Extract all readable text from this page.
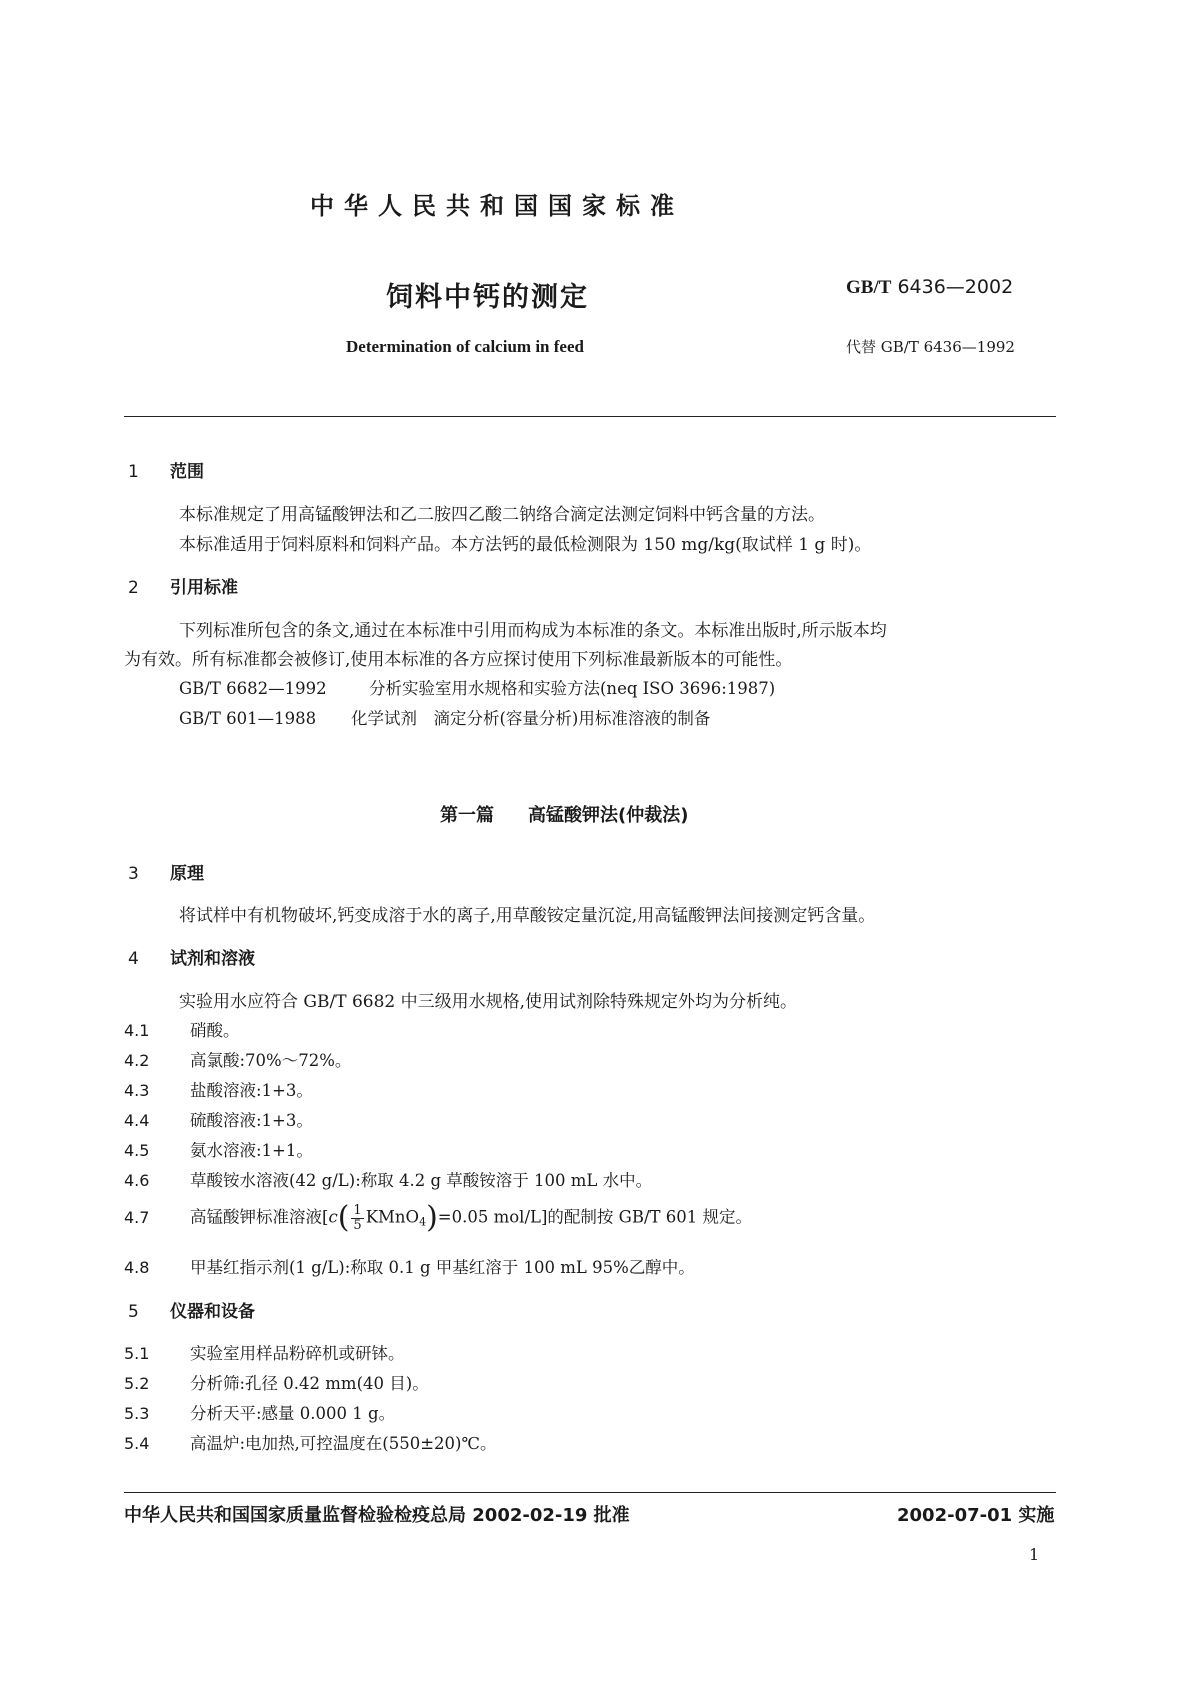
中华人民共和国国家标准
饲料中钙的测定	GB/T 6436—2002
Determination of calcium in feed	代替 GB/T 6436—1992
1 范围
本标准规定了用高锰酸钾法和乙二胺四乙酸二钠络合滴定法测定饲料中钙含量的方法。
本标准适用于饲料原料和饲料产品。本方法钙的最低检测限为 150 mg/kg(取试样 1 g 时)。
2 引用标准
下列标准所包含的条文,通过在本标准中引用而构成为本标准的条文。本标准出版时,所示版本均
为有效。所有标准都会被修订,使用本标准的各方应探讨使用下列标准最新版本的可能性。
GB/T 6682—1992	分析实验室用水规格和实验方法(neq ISO 3696:1987)
GB/T 601—1988 化学试剂　滴定分析(容量分析)用标准溶液的制备
第一篇 高锰酸钾法(仲裁法)
3 原理
将试样中有机物破坏,钙变成溶于水的离子,用草酸铵定量沉淀,用高锰酸钾法间接测定钙含量。
4 试剂和溶液
实验用水应符合 GB/T 6682 中三级用水规格,使用试剂除特殊规定外均为分析纯。
4.1 硝酸。
4.2 高氯酸:70%～72%。
4.3 盐酸溶液:1+3。
4.4 硫酸溶液:1+3。
4.5 氨水溶液:1+1。
4.6 草酸铵水溶液(42 g/L):称取 4.2 g 草酸铵溶于 100 mL 水中。
4.7 高锰酸钾标准溶液[$c( \frac{1}{5}$ KMnO$_4$)=0.05 mol/L]的配制按 GB/T 601 规定。
4.8 甲基红指示剂(1 g/L):称取 0.1 g 甲基红溶于 100 mL 95%乙醇中。
5 仪器和设备
5.1 实验室用样品粉碎机或研钵。
5.2 分析筛:孔径 0.42 mm(40 目)。
5.3 分析天平:感量 0.000 1 g。
5.4 高温炉:电加热,可控温度在(550±20)℃。
中华人民共和国国家质量监督检验检疫总局 2002-02-19 批准	2002-07-01 实施
1
